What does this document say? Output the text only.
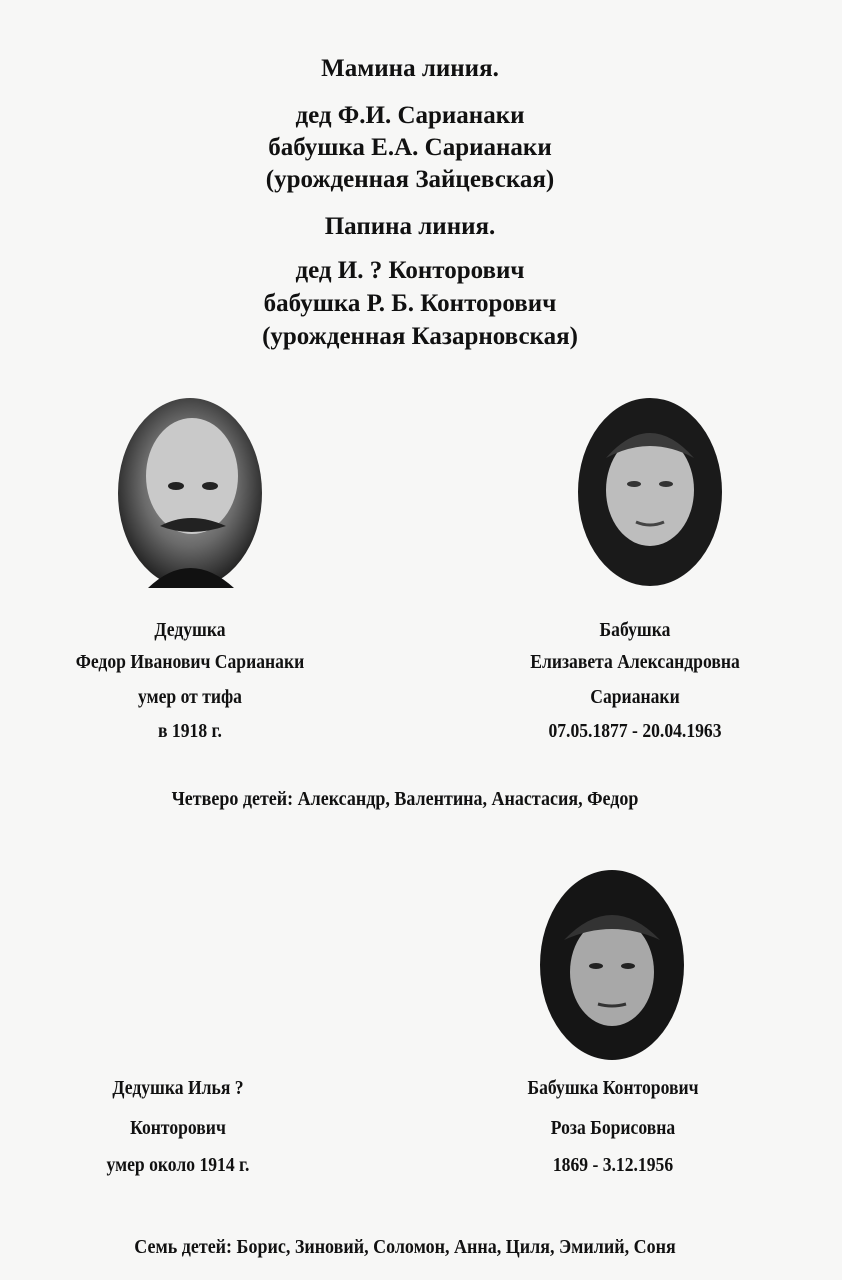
Мамина линия.
дед Ф.И. Сарианаки
бабушка Е.А. Сарианаки
(урожденная Зайцевская)
Папина линия.
дед И. ? Конторович
бабушка Р. Б. Конторович
(урожденная Казарновская)
Дедушка
Федор Иванович Сарианаки
умер от тифа
в 1918 г.
Бабушка
Елизавета Александровна
Сарианаки
07.05.1877 - 20.04.1963
Четверо детей: Александр, Валентина, Анастасия, Федор
Дедушка Илья ?
Конторович
умер около 1914 г.
Бабушка Конторович
Роза Борисовна
1869 - 3.12.1956
Семь детей: Борис, Зиновий, Соломон, Анна, Циля, Эмилий, Соня
